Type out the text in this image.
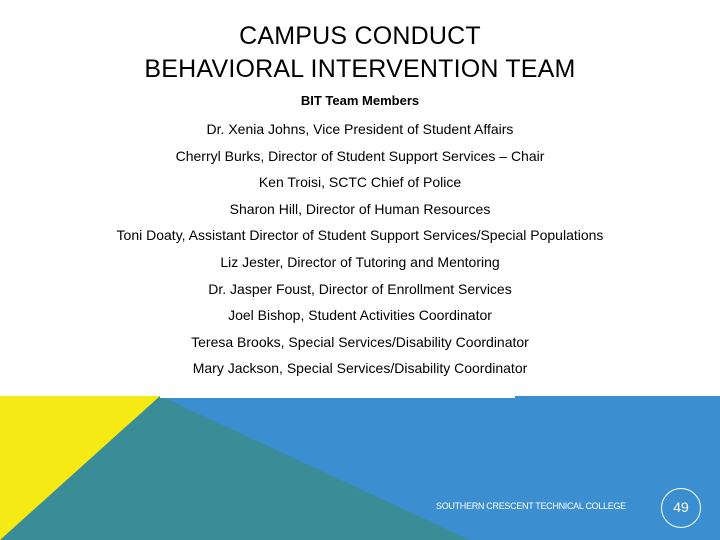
CAMPUS CONDUCT
BEHAVIORAL INTERVENTION TEAM
BIT Team Members
Dr. Xenia Johns, Vice President of Student Affairs
Cherryl Burks, Director of Student Support Services – Chair
Ken Troisi, SCTC Chief of Police
Sharon Hill, Director of Human Resources
Toni Doaty, Assistant Director of Student Support Services/Special Populations
Liz Jester, Director of Tutoring and Mentoring
Dr. Jasper Foust, Director of Enrollment Services
Joel Bishop, Student Activities Coordinator
Teresa Brooks, Special Services/Disability Coordinator
Mary Jackson, Special Services/Disability Coordinator
SOUTHERN CRESCENT TECHNICAL COLLEGE	49
